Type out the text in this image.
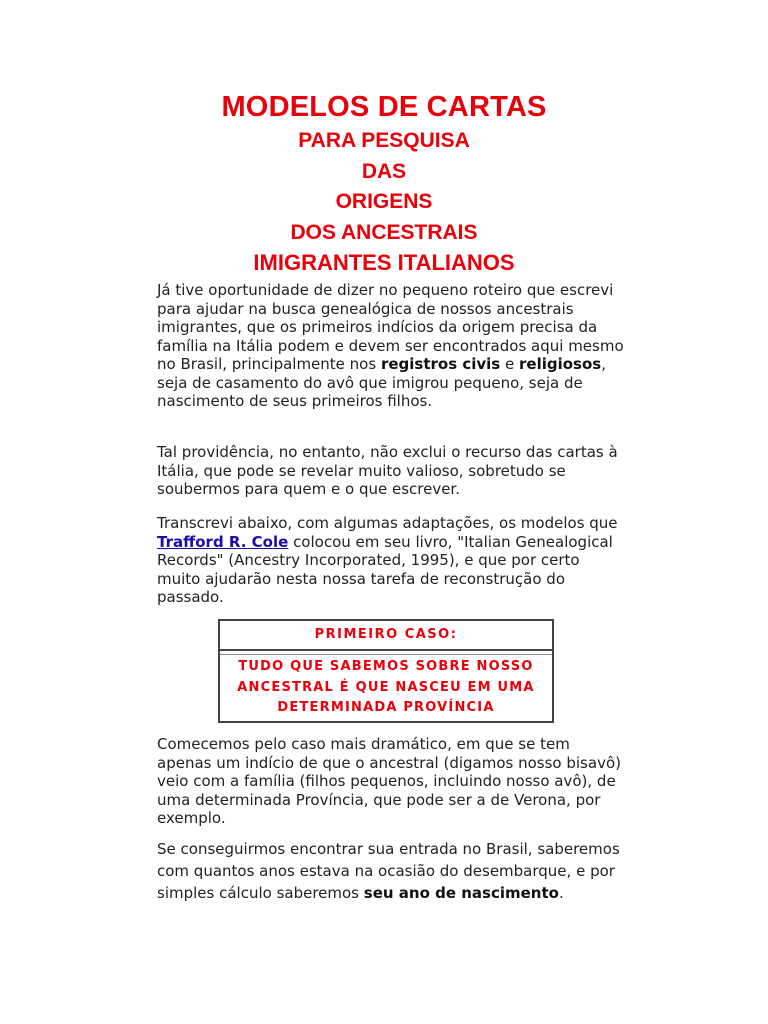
MODELOS DE CARTAS

PARA PESQUISA

DAS

ORIGENS

DOS ANCESTRAIS

IMIGRANTES ITALIANOS

Já tive oportunidade de dizer no pequeno roteiro que escrevi para ajudar na busca genealógica de nossos ancestrais imigrantes, que os primeiros indícios da origem precisa da família na Itália podem e devem ser encontrados aqui mesmo no Brasil, principalmente nos registros civis e religiosos, seja de casamento do avô que imigrou pequeno, seja de nascimento de seus primeiros filhos.

Tal providência, no entanto, não exclui o recurso das cartas à Itália, que pode se revelar muito valioso, sobretudo se soubermos para quem e o que escrever.

Transcrevi abaixo, com algumas adaptações, os modelos que Trafford R. Cole colocou em seu livro, "Italian Genealogical Records" (Ancestry Incorporated, 1995), e que por certo muito ajudarão nesta nossa tarefa de reconstrução do passado.

PRIMEIRO CASO:
TUDO QUE SABEMOS SOBRE NOSSO ANCESTRAL É QUE NASCEU EM UMA DETERMINADA PROVÍNCIA

Comecemos pelo caso mais dramático, em que se tem apenas um indício de que o ancestral (digamos nosso bisavô) veio com a família (filhos pequenos, incluindo nosso avô), de uma determinada Província, que pode ser a de Verona, por exemplo.

Se conseguirmos encontrar sua entrada no Brasil, saberemos com quantos anos estava na ocasião do desembarque, e por simples cálculo saberemos seu ano de nascimento.
